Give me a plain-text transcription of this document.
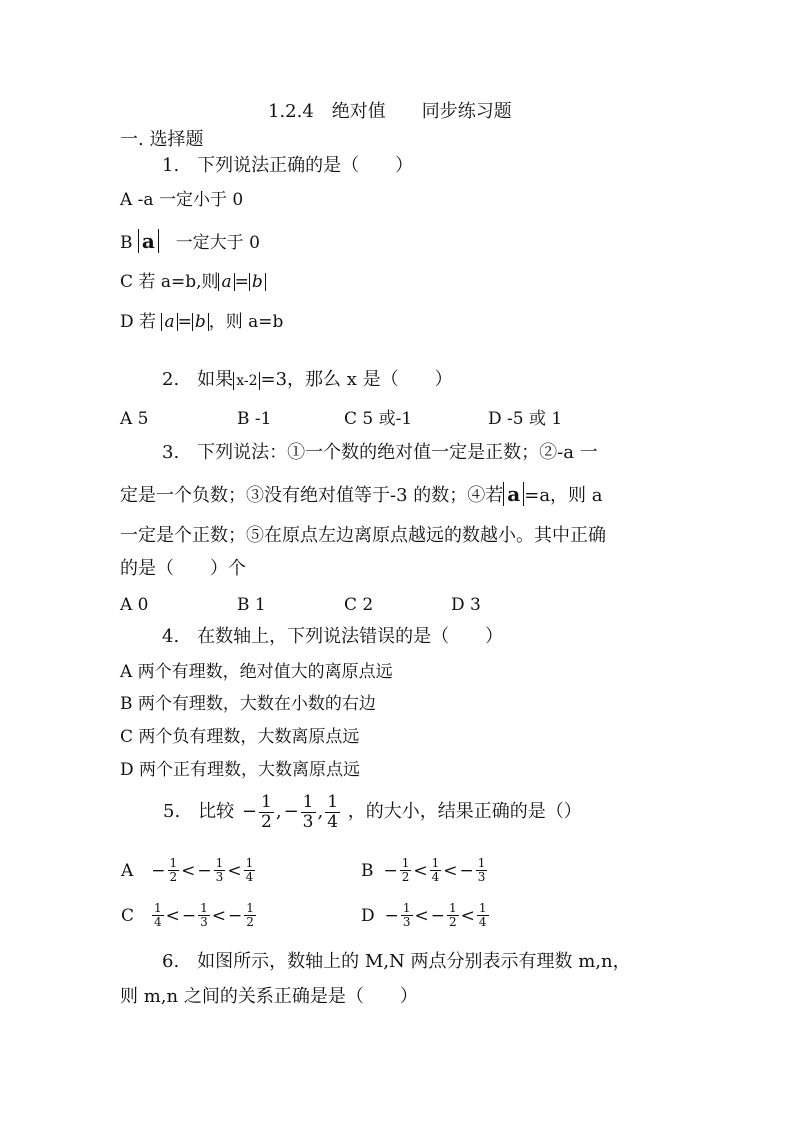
1.2.4　绝对值　　同步练习题
一. 选择题
1.　下列说法正确的是（　　）
A -a 一定小于 0
B a 一定大于 0
C 若 a=b,则 a = b
D 若 a = b ，则 a=b
2.　如果 x-2 =3，那么 x 是（　　）
A 5	B -1	C 5 或-1	D -5 或 1
3.　下列说法：①一个数的绝对值一定是正数；②-a 一
定是一个负数；③没有绝对值等于-3 的数；④若 a =a，则 a
一定是个正数；⑤在原点左边离原点越远的数越小。其中正确
的是（　　）个
A 0	B 1	C 2	D 3
4.　在数轴上，下列说法错误的是（　　）
A 两个有理数，绝对值大的离原点远
B 两个有理数，大数在小数的右边
C 两个负有理数，大数离原点远
D 两个正有理数，大数离原点远
5.　比较 − $\frac{1}{2}$ , − $\frac{1}{3}$ , $\frac{1}{4}$ ，的大小，结果正确的是（）
$A - \frac{1}{2}$ < − $\frac{1}{3} < \frac{1}{4}$	$B - \frac{1}{2} < \frac{1}{4}$ < − $\frac{1}{3}$
C $\frac{1}{4}$ < − $\frac{1}{3}$ < − $\frac{1}{2}$	$D - \frac{1}{3}$ < − $\frac{1}{2} < \frac{1}{4}$
6.　如图所示，数轴上的 M,N 两点分别表示有理数 m,n，
则 m,n 之间的关系正确是是（　　）
